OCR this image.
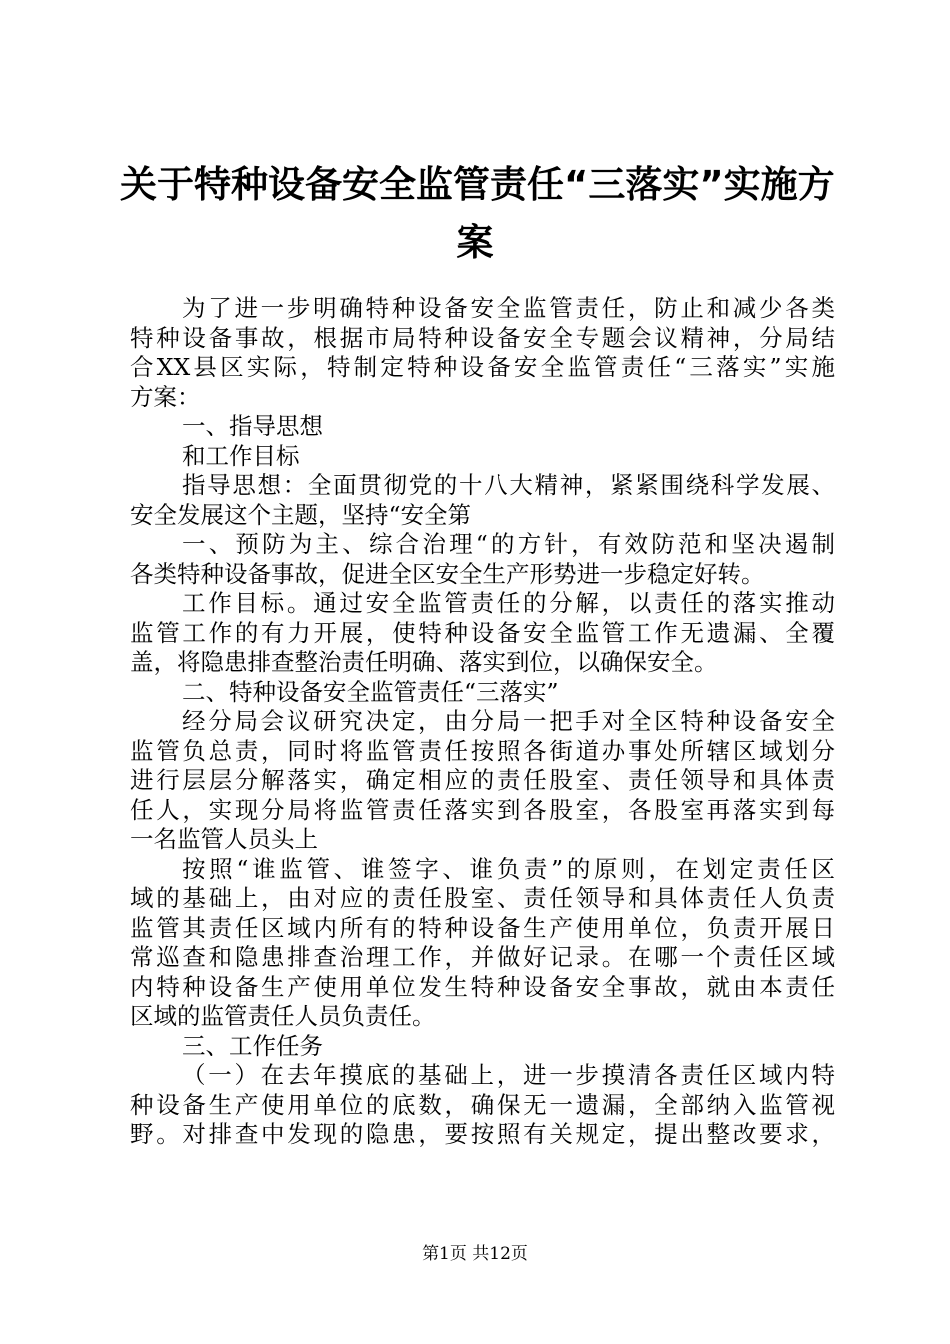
关于特种设备安全监管责任“三落实”实施方
案
为了进一步明确特种设备安全监管责任，防止和减少各类
特种设备事故，根据市局特种设备安全专题会议精神，分局结
合XX县区实际，特制定特种设备安全监管责任“三落实”实施
方案：
一、指导思想
和工作目标
指导思想：全面贯彻党的十八大精神，紧紧围绕科学发展、
安全发展这个主题，坚持“安全第
一、预防为主、综合治理“的方针，有效防范和坚决遏制
各类特种设备事故，促进全区安全生产形势进一步稳定好转。
工作目标。通过安全监管责任的分解，以责任的落实推动
监管工作的有力开展，使特种设备安全监管工作无遗漏、全覆
盖，将隐患排查整治责任明确、落实到位，以确保安全。
二、特种设备安全监管责任“三落实”
经分局会议研究决定，由分局一把手对全区特种设备安全
监管负总责，同时将监管责任按照各街道办事处所辖区域划分
进行层层分解落实，确定相应的责任股室、责任领导和具体责
任人，实现分局将监管责任落实到各股室，各股室再落实到每
一名监管人员头上
按照“谁监管、谁签字、谁负责”的原则，在划定责任区
域的基础上，由对应的责任股室、责任领导和具体责任人负责
监管其责任区域内所有的特种设备生产使用单位，负责开展日
常巡查和隐患排查治理工作，并做好记录。在哪一个责任区域
内特种设备生产使用单位发生特种设备安全事故，就由本责任
区域的监管责任人员负责任。
三、工作任务
（一）在去年摸底的基础上，进一步摸清各责任区域内特
种设备生产使用单位的底数，确保无一遗漏，全部纳入监管视
野。对排查中发现的隐患，要按照有关规定，提出整改要求，
第1页 共12页
